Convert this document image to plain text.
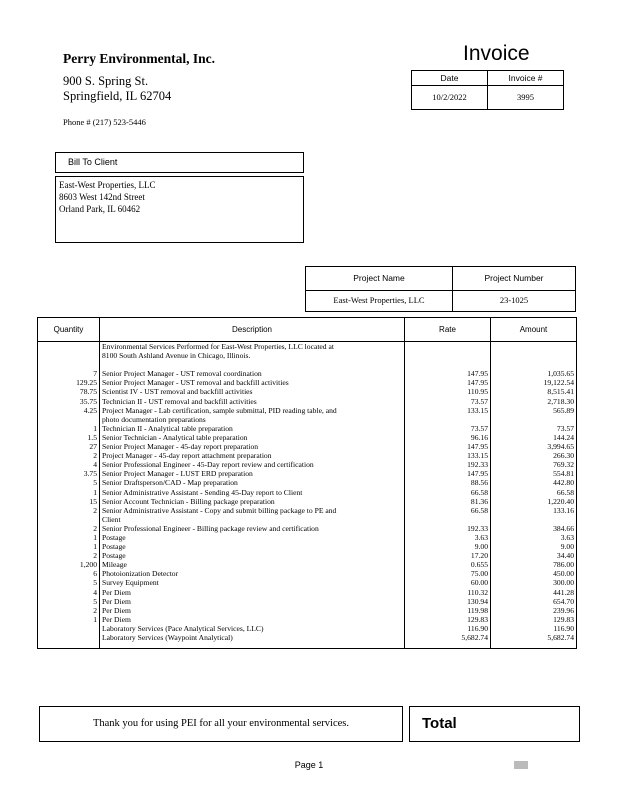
Perry Environmental, Inc.
900 S. Spring St.
Springfield, IL 62704
Phone # (217) 523-5446
Invoice
Date	Invoice #
10/2/2022	3995
Bill To Client
East-West Properties, LLC
8603 West 142nd Street
Orland Park, IL 60462
Project Name	Project Number
East-West Properties, LLC	23-1025
Quantity	Description	Rate	Amount
	Environmental Services Performed for East-West Properties, LLC located at		
	8100 South Ashland Avenue in Chicago, Illinois.		

7	Senior Project Manager - UST removal coordination	147.95	1,035.65
129.25	Senior Project Manager - UST removal and backfill activities	147.95	19,122.54
78.75	Scientist IV - UST removal and backfill activities	110.95	8,515.41
35.75	Technician II - UST removal and backfill activities	73.57	2,718.30
4.25	Project Manager - Lab certification, sample submittal, PID reading table, and	133.15	565.89
	photo documentation preparations		
1	Technician II - Analytical table preparation	73.57	73.57
1.5	Senior Technician - Analytical table preparation	96.16	144.24
27	Senior Project Manager - 45-day report preparation	147.95	3,994.65
2	Project Manager - 45-day report attachment preparation	133.15	266.30
4	Senior Professional Engineer - 45-Day report review and certification	192.33	769.32
3.75	Senior Project Manager - LUST ERD preparation	147.95	554.81
5	Senior Draftsperson/CAD - Map preparation	88.56	442.80
1	Senior Administrative Assistant - Sending 45-Day report to Client	66.58	66.58
15	Senior Account Technician - Billing package preparation	81.36	1,220.40
2	Senior Administrative Assistant - Copy and submit billing package to PE and	66.58	133.16
	Client		
2	Senior Professional Engineer - Billing package review and certification	192.33	384.66
1	Postage	3.63	3.63
1	Postage	9.00	9.00
2	Postage	17.20	34.40
1,200	Mileage	0.655	786.00
6	Photoionization Detector	75.00	450.00
5	Survey Equipment	60.00	300.00
4	Per Diem	110.32	441.28
5	Per Diem	130.94	654.70
2	Per Diem	119.98	239.96
1	Per Diem	129.83	129.83
	Laboratory Services (Pace Analytical Services, LLC)	116.90	116.90
	Laboratory Services (Waypoint Analytical)	5,682.74	5,682.74

Thank you for using PEI for all your environmental services.	Total
Page 1
